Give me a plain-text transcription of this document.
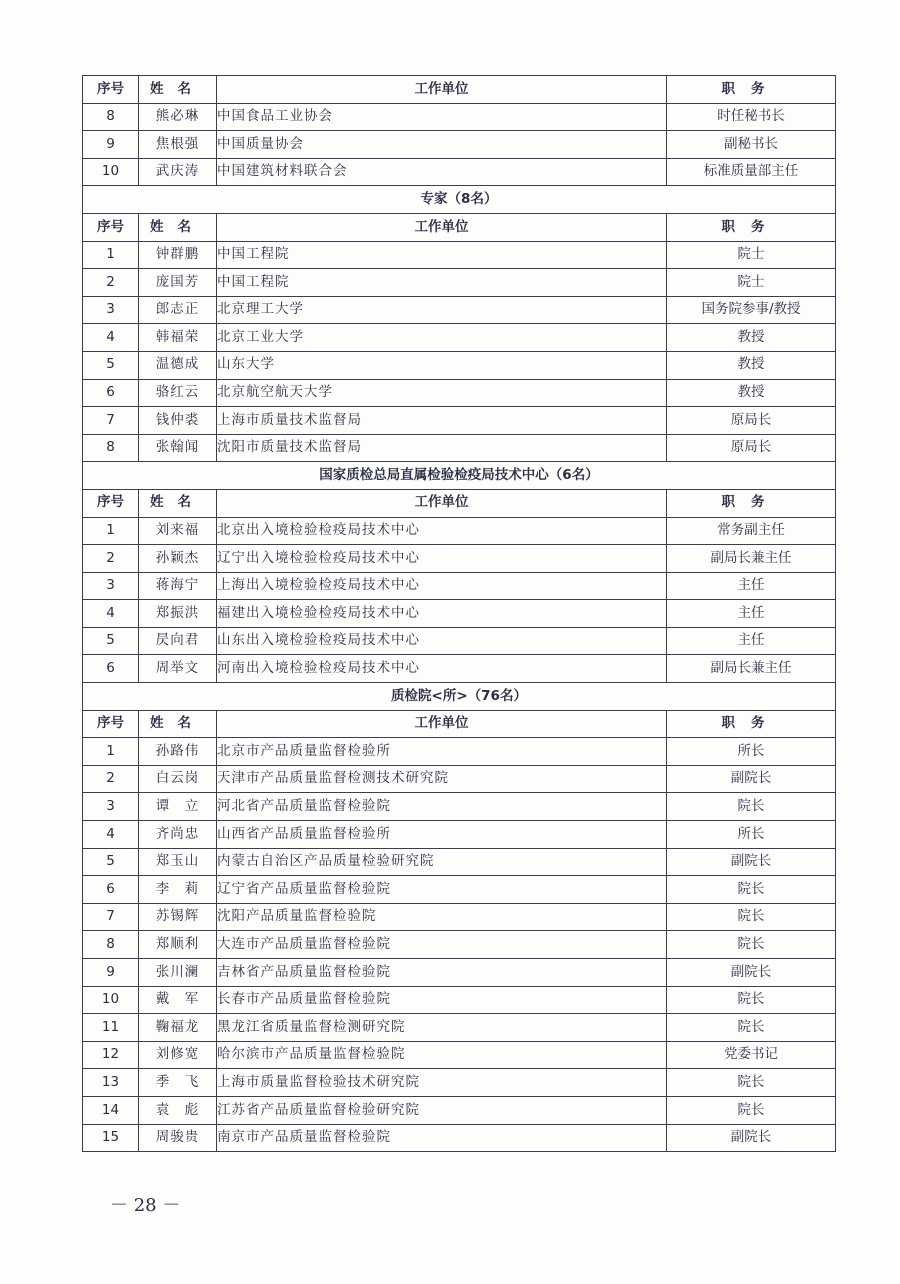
序号	姓名	工作单位	职务
8	熊必琳	中国食品工业协会	时任秘书长
9	焦根强	中国质量协会	副秘书长
10	武庆涛	中国建筑材料联合会	标准质量部主任
专家（8名）			
序号	姓名	工作单位	职务
1	钟群鹏	中国工程院	院士
2	庞国芳	中国工程院	院士
3	郎志正	北京理工大学	国务院参事/教授
4	韩福荣	北京工业大学	教授
5	温德成	山东大学	教授
6	骆红云	北京航空航天大学	教授
7	钱仲裘	上海市质量技术监督局	原局长
8	张翰闻	沈阳市质量技术监督局	原局长
国家质检总局直属检验检疫局技术中心（6名）			
序号	姓名	工作单位	职务
1	刘来福	北京出入境检验检疫局技术中心	常务副主任
2	孙颖杰	辽宁出入境检验检疫局技术中心	副局长兼主任
3	蒋海宁	上海出入境检验检疫局技术中心	主任
4	郑振洪	福建出入境检验检疫局技术中心	主任
5	昃向君	山东出入境检验检疫局技术中心	主任
6	周举文	河南出入境检验检疫局技术中心	副局长兼主任
质检院<所>（76名）			
序号	姓名	工作单位	职务
1	孙路伟	北京市产品质量监督检验所	所长
2	白云岗	天津市产品质量监督检测技术研究院	副院长
3	谭　立	河北省产品质量监督检验院	院长
4	齐尚忠	山西省产品质量监督检验所	所长
5	郑玉山	内蒙古自治区产品质量检验研究院	副院长
6	李　莉	辽宁省产品质量监督检验院	院长
7	苏锡辉	沈阳产品质量监督检验院	院长
8	郑顺利	大连市产品质量监督检验院	院长
9	张川澜	吉林省产品质量监督检验院	副院长
10	戴　军	长春市产品质量监督检验院	院长
11	鞠福龙	黑龙江省质量监督检测研究院	院长
12	刘修宽	哈尔滨市产品质量监督检验院	党委书记
13	季　飞	上海市质量监督检验技术研究院	院长
14	袁　彪	江苏省产品质量监督检验研究院	院长
15	周骏贵	南京市产品质量监督检验院	副院长
－ 28 －
